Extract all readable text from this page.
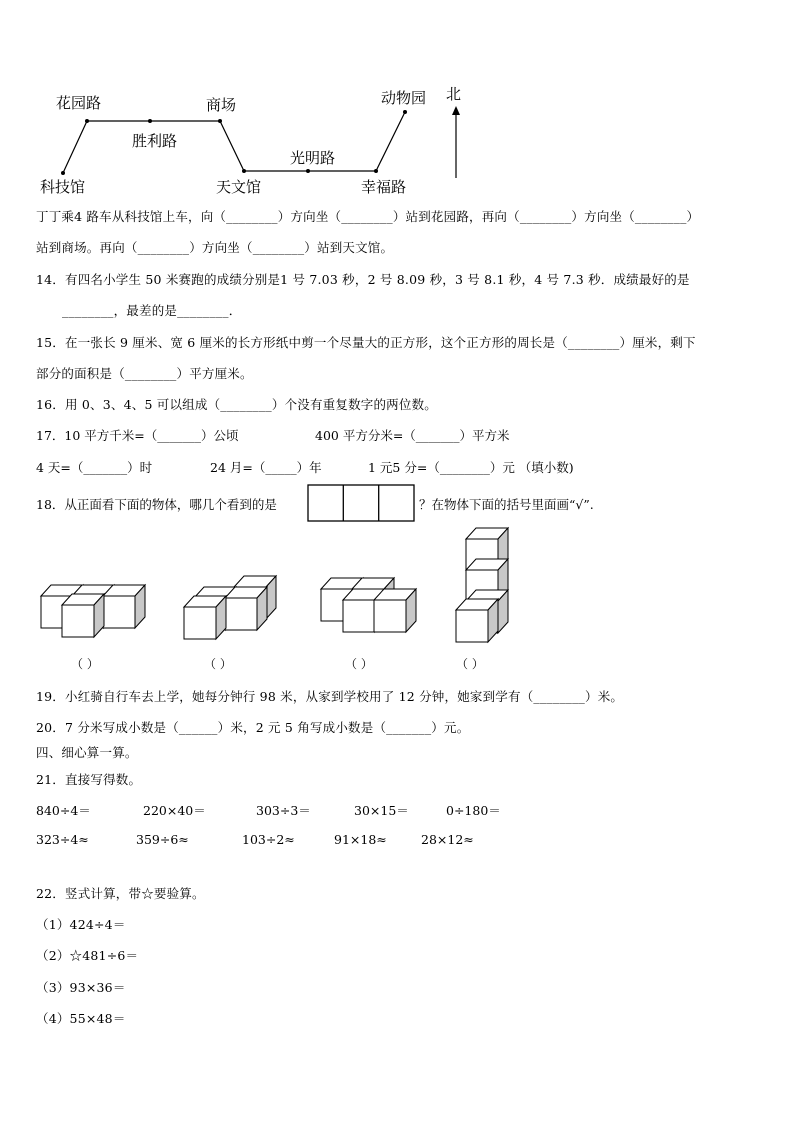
花园路	商场	动物园 北
胜利路
光明路
科技馆	天文馆	幸福路
丁丁乘4 路车从科技馆上车，向（________）方向坐（________）站到花园路，再向（________）方向坐（________）
站到商场。再向（________）方向坐（________）站到天文馆。
14．有四名小学生 50 米赛跑的成绩分别是1 号 7.03 秒，2 号 8.09 秒，3 号 8.1 秒，4 号 7.3 秒．成绩最好的是
________，最差的是________．
15．在一张长 9 厘米、宽 6 厘米的长方形纸中剪一个尽量大的正方形，这个正方形的周长是（________）厘米，剩下
部分的面积是（________）平方厘米。
16．用 0、3、4、5 可以组成（________）个没有重复数字的两位数。
17．10 平方千米=（_______）公顷	400 平方分米=（_______）平方米
4 天=（_______）时	24 月=（_____）年	1 元5 分=（________）元 （填小数)
18．从正面看下面的物体，哪几个看到的是	？在物体下面的括号里面画“√”.
（ ）	（ ）	（ ）	（ ）
19．小红骑自行车去上学，她每分钟行 98 米，从家到学校用了 12 分钟，她家到学有（________）米。
20．7 分米写成小数是（______）米，2 元 5 角写成小数是（_______）元。
四、细心算一算。
21．直接写得数。
840÷4＝	220×40＝	303÷3＝	30×15＝	0÷180＝
323÷4≈	359÷6≈	103÷2≈	91×18≈	28×12≈
22．竖式计算，带☆要验算。
（1）424÷4＝
（2）☆481÷6＝
（3）93×36＝
（4）55×48＝
